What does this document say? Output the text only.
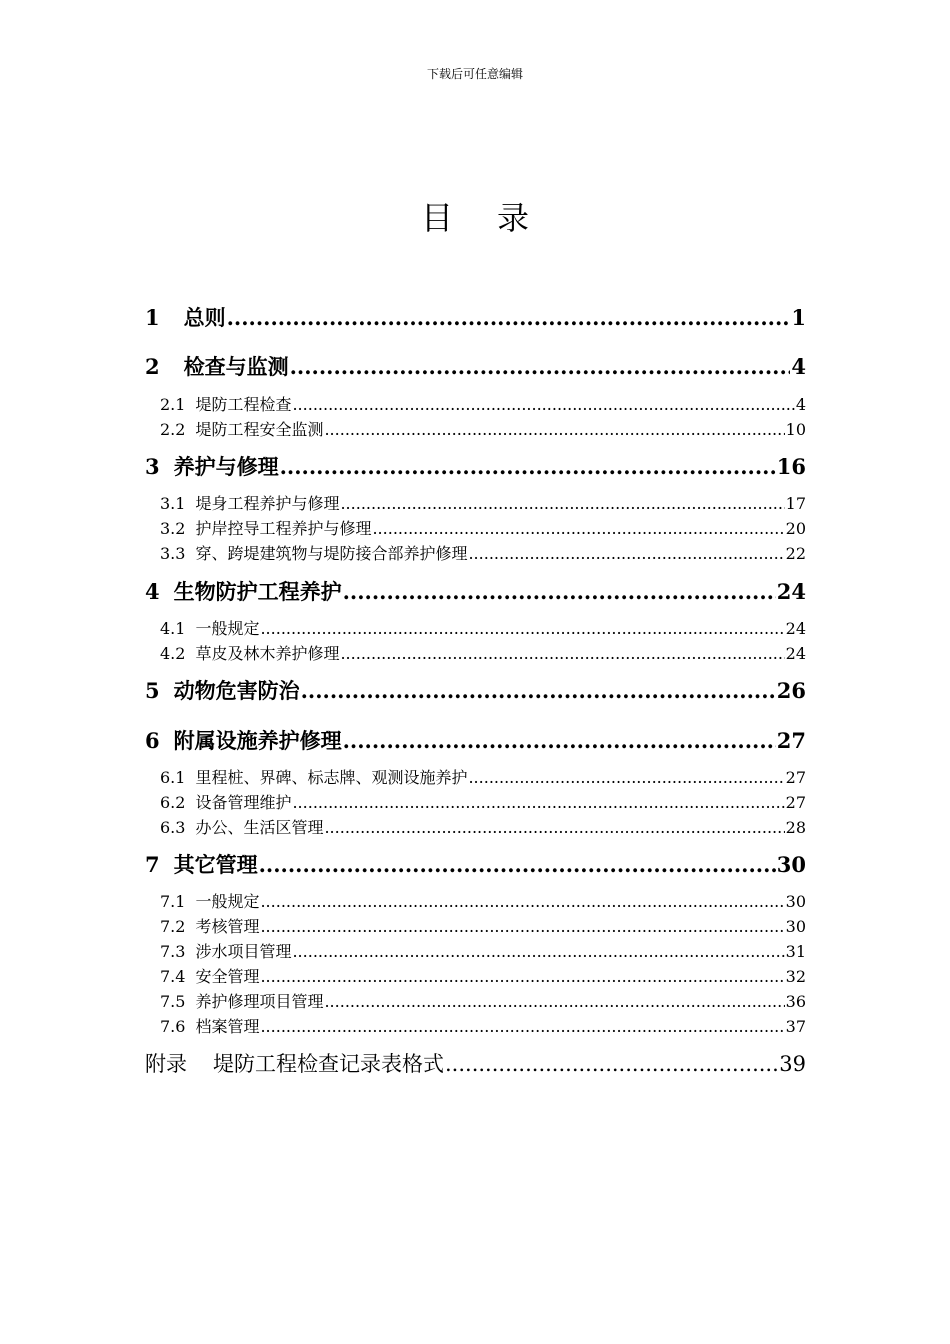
下载后可任意编辑
目 录
1 总则 .....	1
2 检查与监测 .....	4
2.1 堤防工程检查 .....	4
2.2 堤防工程安全监测 .....	10
3 养护与修理 .....	16
3.1 堤身工程养护与修理 .....	17
3.2 护岸控导工程养护与修理 .....	20
3.3 穿、跨堤建筑物与堤防接合部养护修理 .....	22
4 生物防护工程养护 .....	24
4.1 一般规定 .....	24
4.2 草皮及林木养护修理 .....	24
5 动物危害防治 .....	26
6 附属设施养护修理 .....	27
6.1 里程桩、界碑、标志牌、观测设施养护 .....	27
6.2 设备管理维护 .....	27
6.3 办公、生活区管理 .....	28
7 其它管理 .....	30
7.1 一般规定 .....	30
7.2 考核管理 .....	30
7.3 涉水项目管理 .....	31
7.4 安全管理 .....	32
7.5 养护修理项目管理 .....	36
7.6 档案管理 .....	37
附录 堤防工程检查记录表格式 .....	39
